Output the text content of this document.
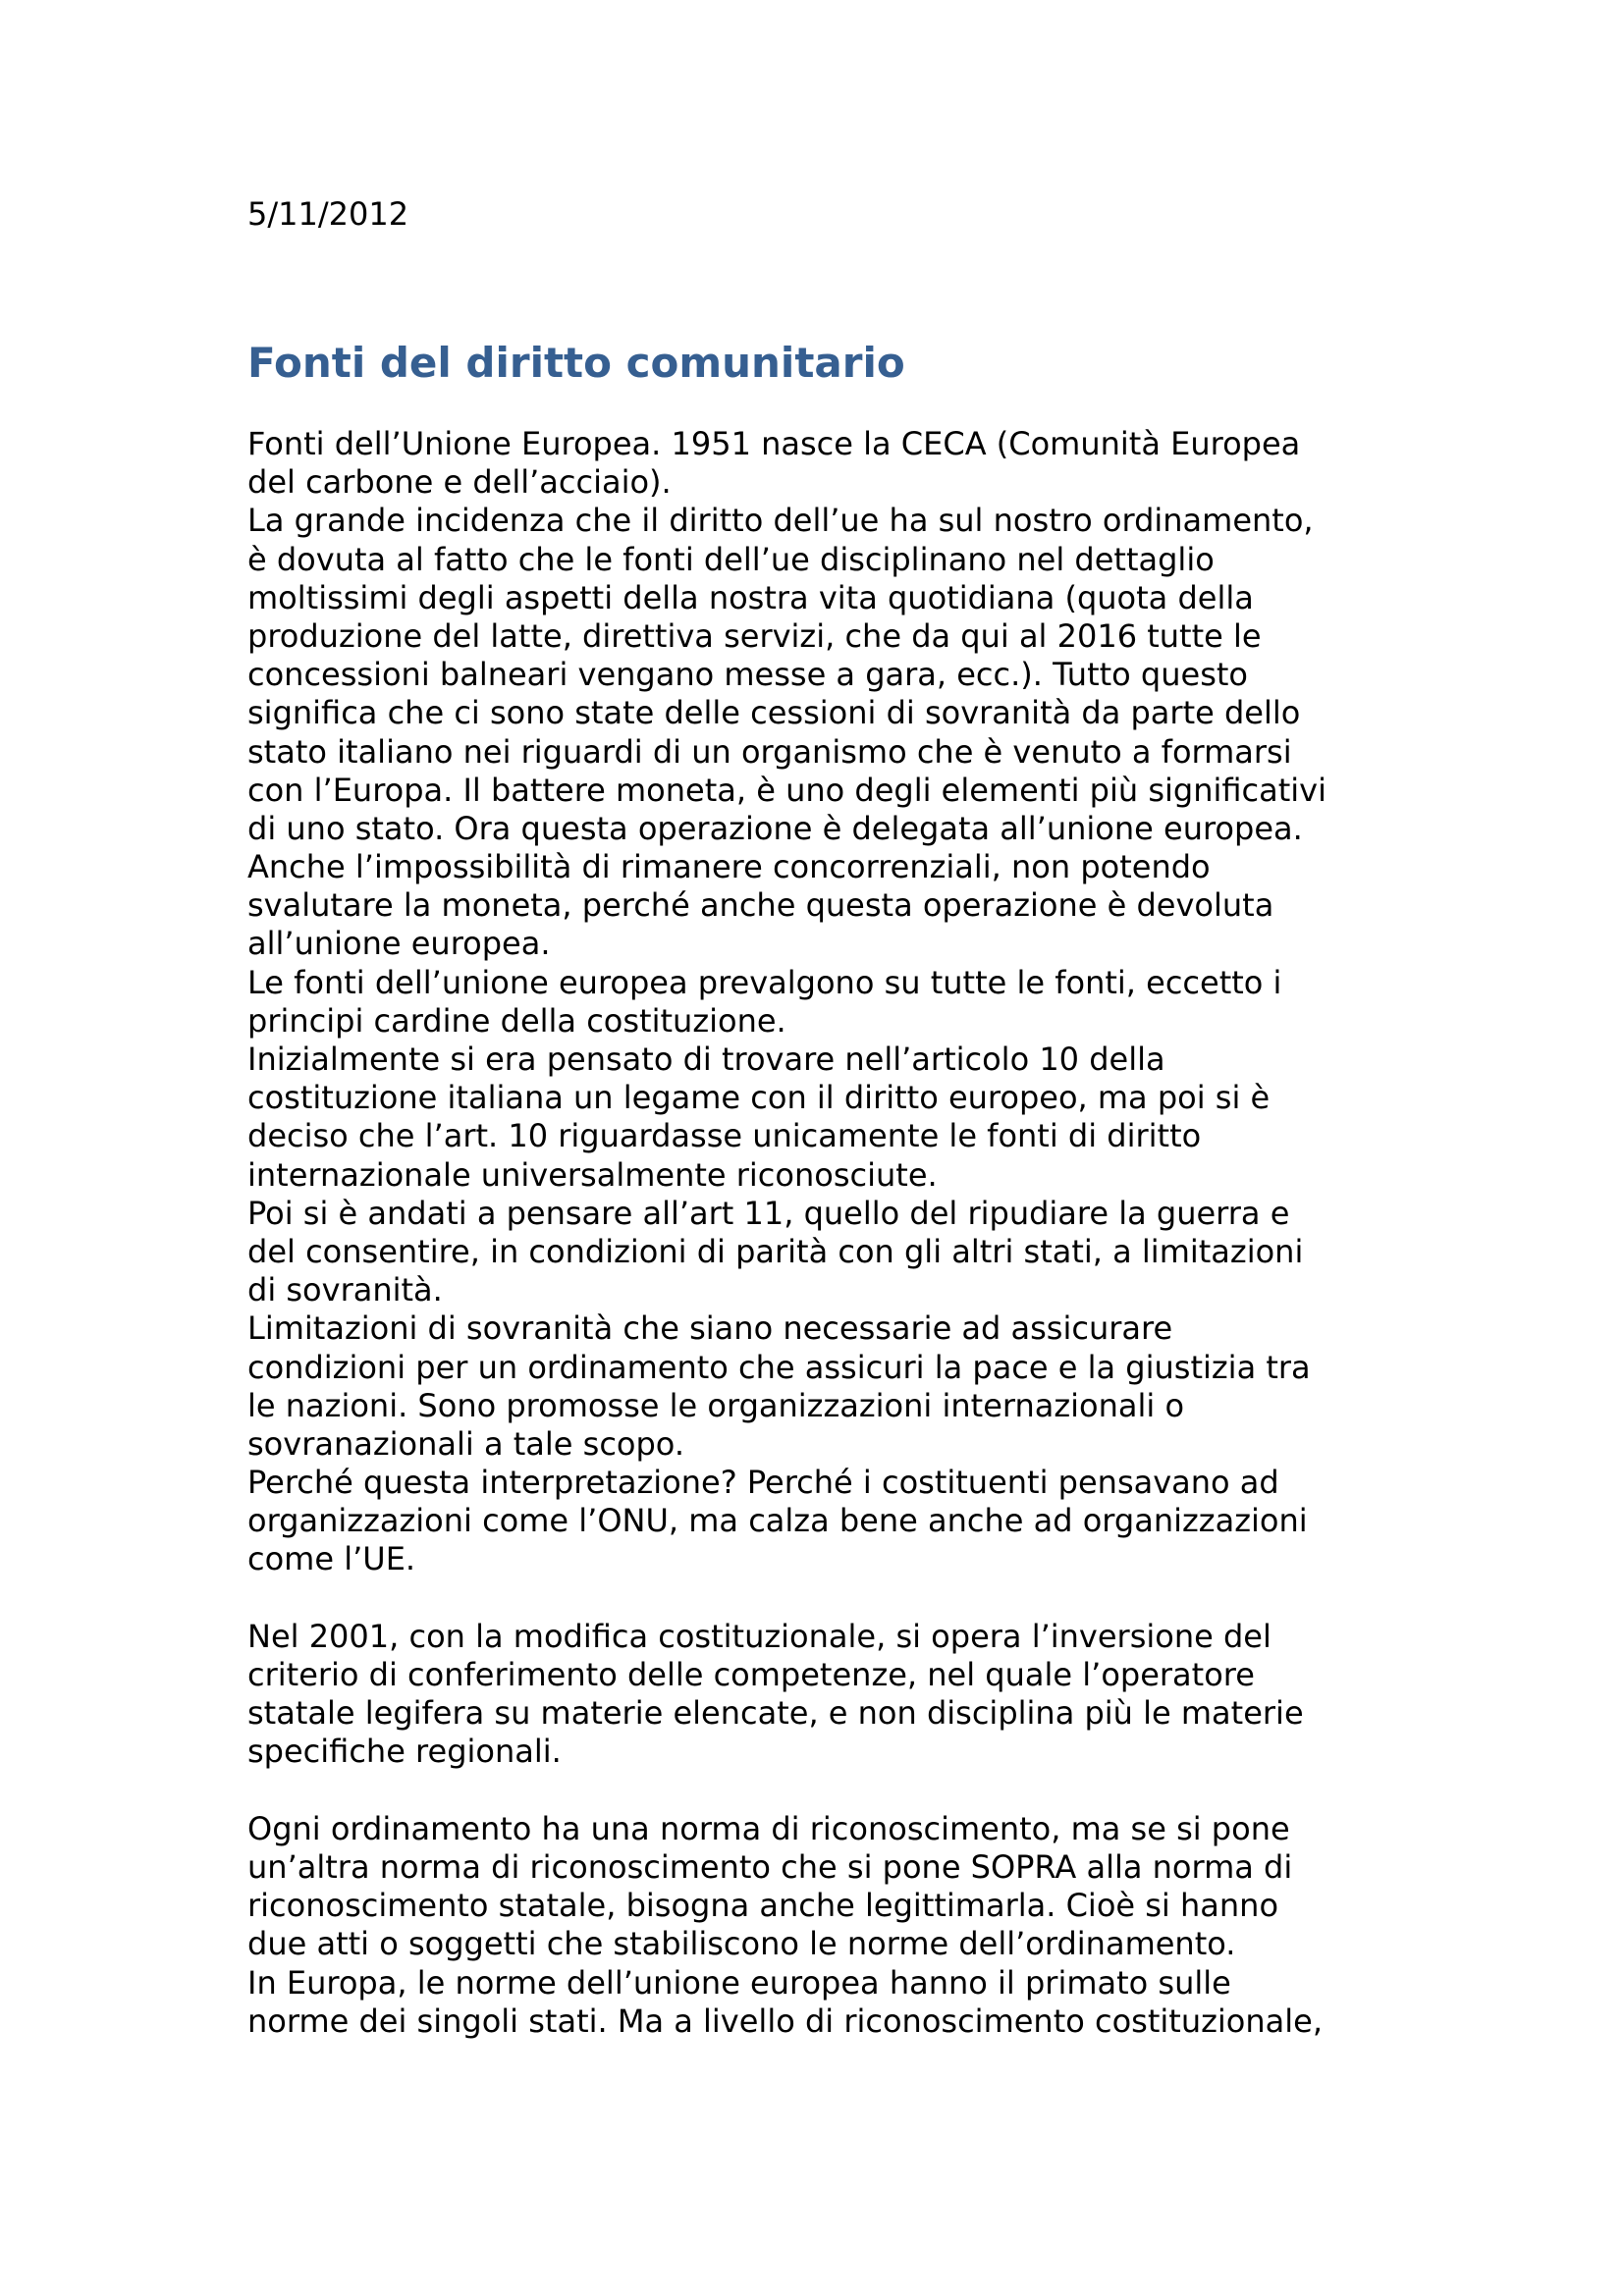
5/11/2012
Fonti del diritto comunitario
Fonti dell’Unione Europea. 1951 nasce la CECA (Comunità Europea
del carbone e dell’acciaio).
La grande incidenza che il diritto dell’ue ha sul nostro ordinamento,
è dovuta al fatto che le fonti dell’ue disciplinano nel dettaglio
moltissimi degli aspetti della nostra vita quotidiana (quota della
produzione del latte, direttiva servizi, che da qui al 2016 tutte le
concessioni balneari vengano messe a gara, ecc.). Tutto questo
significa che ci sono state delle cessioni di sovranità da parte dello
stato italiano nei riguardi di un organismo che è venuto a formarsi
con l’Europa. Il battere moneta, è uno degli elementi più significativi
di uno stato. Ora questa operazione è delegata all’unione europea.
Anche l’impossibilità di rimanere concorrenziali, non potendo
svalutare la moneta, perché anche questa operazione è devoluta
all’unione europea.
Le fonti dell’unione europea prevalgono su tutte le fonti, eccetto i
principi cardine della costituzione.
Inizialmente si era pensato di trovare nell’articolo 10 della
costituzione italiana un legame con il diritto europeo, ma poi si è
deciso che l’art. 10 riguardasse unicamente le fonti di diritto
internazionale universalmente riconosciute.
Poi si è andati a pensare all’art 11, quello del ripudiare la guerra e
del consentire, in condizioni di parità con gli altri stati, a limitazioni
di sovranità.
Limitazioni di sovranità che siano necessarie ad assicurare
condizioni per un ordinamento che assicuri la pace e la giustizia tra
le nazioni. Sono promosse le organizzazioni internazionali o
sovranazionali a tale scopo.
Perché questa interpretazione? Perché i costituenti pensavano ad
organizzazioni come l’ONU, ma calza bene anche ad organizzazioni
come l’UE.
Nel 2001, con la modifica costituzionale, si opera l’inversione del
criterio di conferimento delle competenze, nel quale l’operatore
statale legifera su materie elencate, e non disciplina più le materie
specifiche regionali.
Ogni ordinamento ha una norma di riconoscimento, ma se si pone
un’altra norma di riconoscimento che si pone SOPRA alla norma di
riconoscimento statale, bisogna anche legittimarla. Cioè si hanno
due atti o soggetti che stabiliscono le norme dell’ordinamento.
In Europa, le norme dell’unione europea hanno il primato sulle
norme dei singoli stati. Ma a livello di riconoscimento costituzionale,
